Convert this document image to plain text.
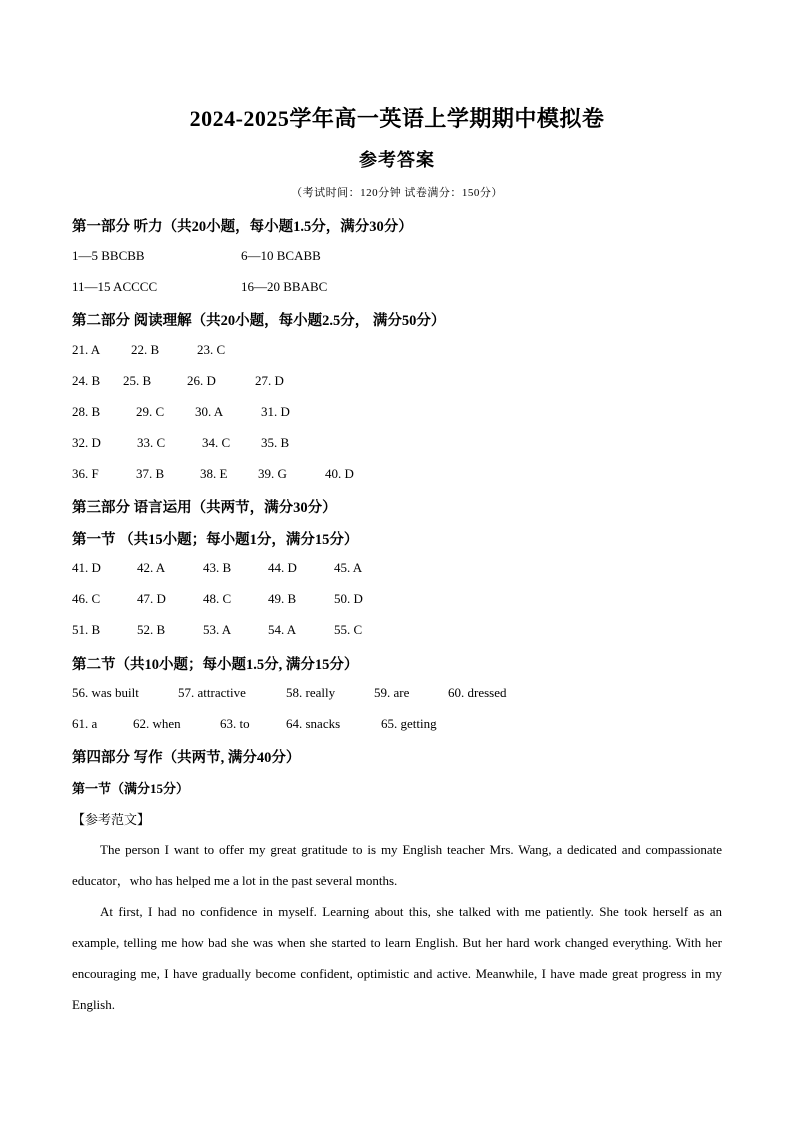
2024-2025学年高一英语上学期期中模拟卷
参考答案
（考试时间：120分钟 试卷满分：150分）
第一部分 听力（共20小题，每小题1.5分，满分30分）
1—5 BBCBB	6—10 BCABB
11—15 ACCCC	16—20 BBABC
第二部分 阅读理解（共20小题，每小题2.5分， 满分50分）
21. A 22. B	23. C
24. B 25. B	26. D	27. D
28. B	29. C 30. A	31. D
32. D	33. C	34. C 35. B
36. F	37. B	38. E 39. G	40. D
第三部分 语言运用（共两节，满分30分）
第一节 （共15小题；每小题1分，满分15分）
41. D	42. A	43. B	44. D	45. A
46. C	47. D	48. C	49. B	50. D
51. B	52. B	53. A	54. A	55. C
第二节（共10小题；每小题1.5分, 满分15分）
56. was built	57. attractive	58. really	59. are	60. dressed
61. a	62. when	63. to	64. snacks	65. getting
第四部分 写作（共两节, 满分40分）
第一节（满分15分）
【参考范文】
The person I want to offer my great gratitude to is my English teacher Mrs. Wang, a dedicated and compassionate educator，who has helped me a lot in the past several months.
At first, I had no confidence in myself. Learning about this, she talked with me patiently. She took herself as an example, telling me how bad she was when she started to learn English. But her hard work changed everything. With her encouraging me, I have gradually become confident, optimistic and active. Meanwhile, I have made great progress in my English.
